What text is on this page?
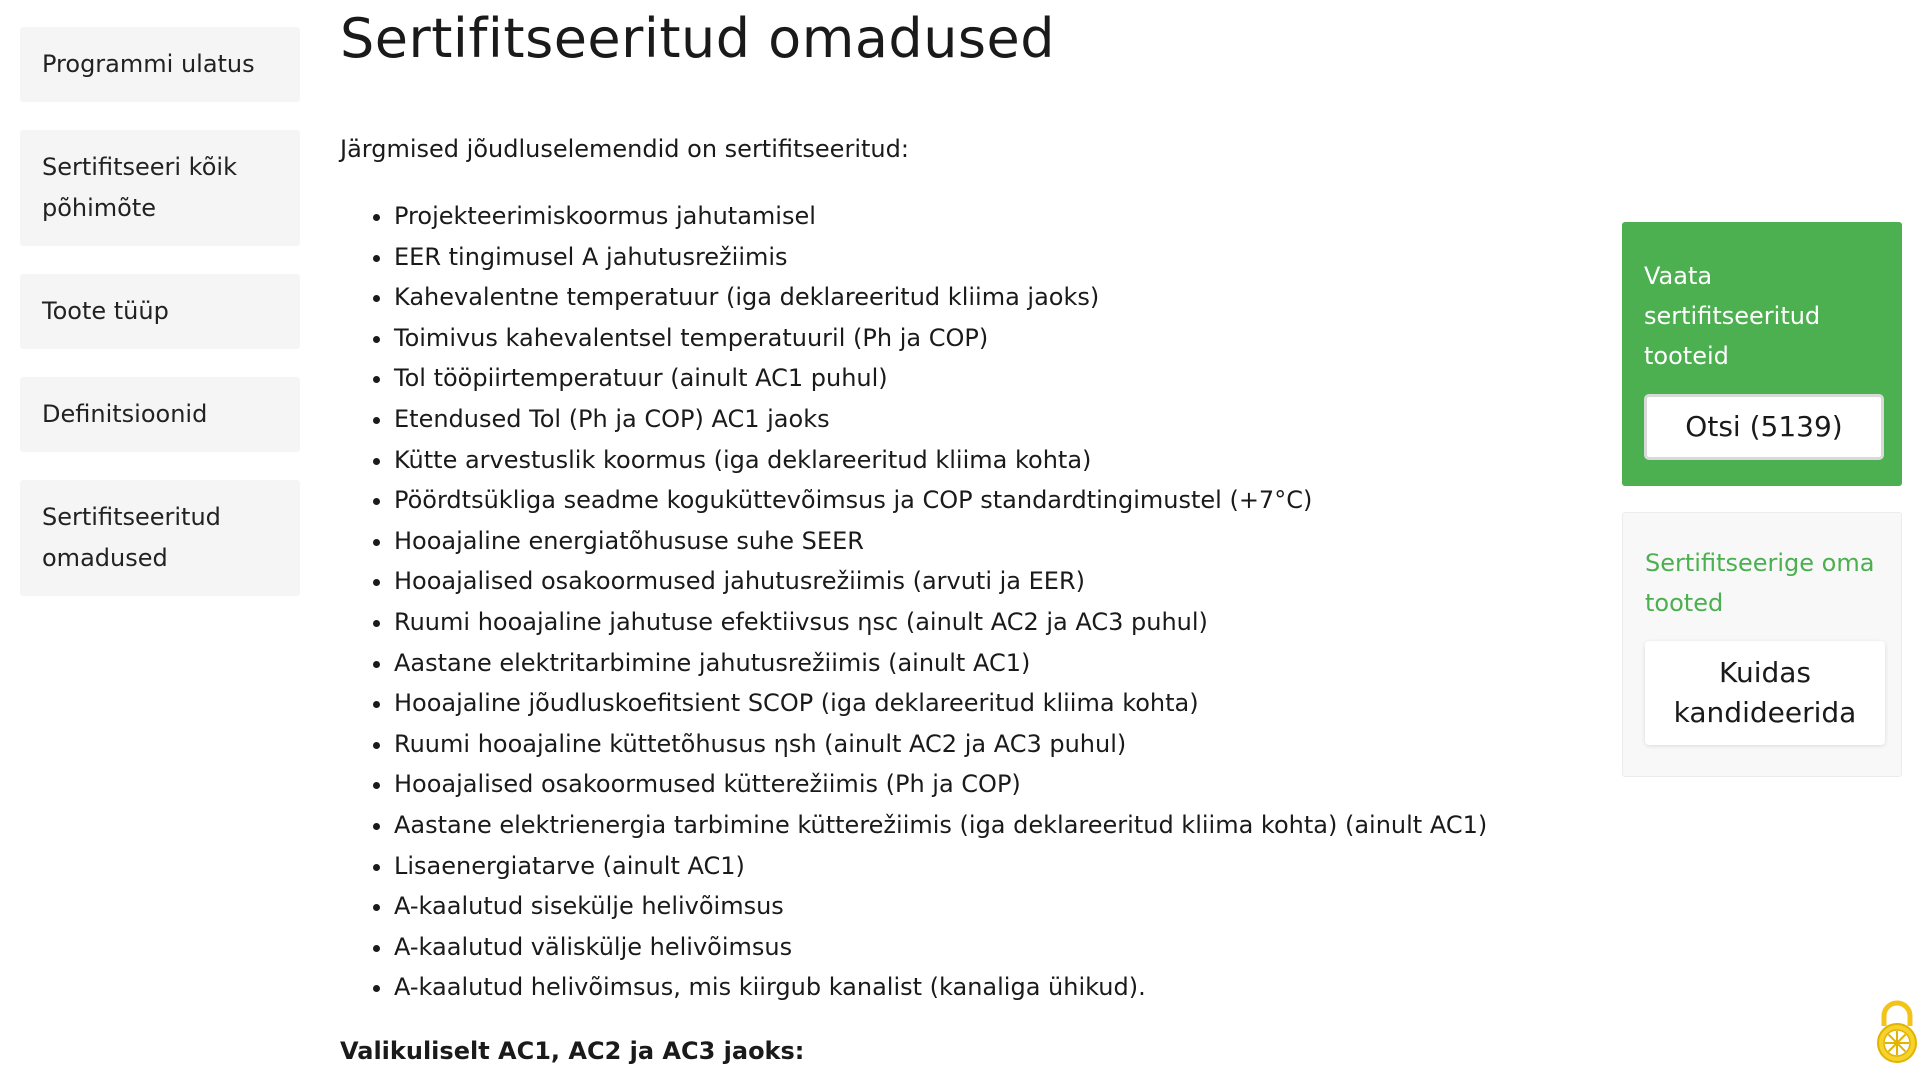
Programmi ulatus
Sertifitseeri kõik põhimõte
Toote tüüp
Definitsioonid
Sertifitseeritud omadused
Sertifitseeritud omadused

Järgmised jõudluselemendid on sertifitseeritud:

• Projekteerimiskoormus jahutamisel
• EER tingimusel A jahutusrežiimis
• Kahevalentne temperatuur (iga deklareeritud kliima jaoks)
• Toimivus kahevalentsel temperatuuril (Ph ja COP)
• Tol tööpiirtemperatuur (ainult AC1 puhul)
• Etendused Tol (Ph ja COP) AC1 jaoks
• Kütte arvestuslik koormus (iga deklareeritud kliima kohta)
• Pöördtsükliga seadme koguküttevõimsus ja COP standardtingimustel (+7°C)
• Hooajaline energiatõhususe suhe SEER
• Hooajalised osakoormused jahutusrežiimis (arvuti ja EER)
• Ruumi hooajaline jahutuse efektiivsus ηsc (ainult AC2 ja AC3 puhul)
• Aastane elektritarbimine jahutusrežiimis (ainult AC1)
• Hooajaline jõudluskoefitsient SCOP (iga deklareeritud kliima kohta)
• Ruumi hooajaline küttetõhusus ηsh (ainult AC2 ja AC3 puhul)
• Hooajalised osakoormused kütterežiimis (Ph ja COP)
• Aastane elektrienergia tarbimine kütterežiimis (iga deklareeritud kliima kohta) (ainult AC1)
• Lisaenergiatarve (ainult AC1)
• A-kaalutud sisekülje helivõimsus
• A-kaalutud väliskülje helivõimsus
• A-kaalutud helivõimsus, mis kiirgub kanalist (kanaliga ühikud).

Valikuliselt AC1, AC2 ja AC3 jaoks:

Vaata sertifitseeritud tooteid
Otsi (5139)
Sertifitseerige oma tooted
Kuidas kandideerida
